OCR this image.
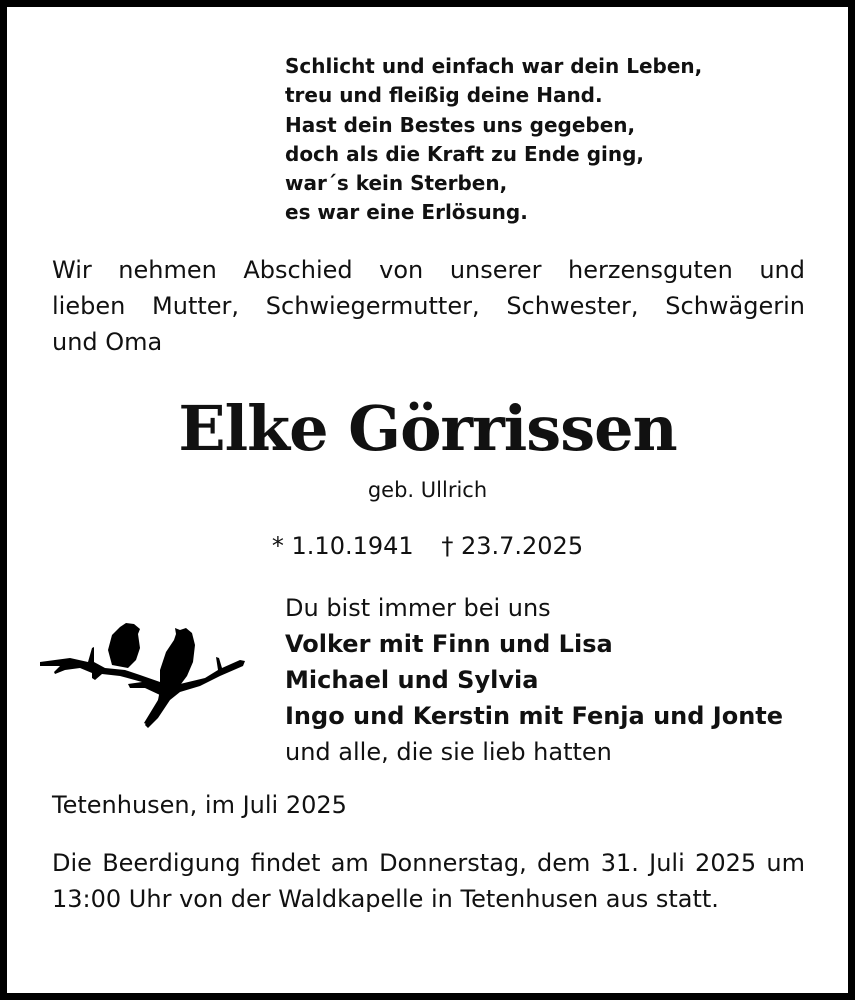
Schlicht und einfach war dein Leben,
treu und fleißig deine Hand.
Hast dein Bestes uns gegeben,
doch als die Kraft zu Ende ging,
war´s kein Sterben,
es war eine Erlösung.
Wir nehmen Abschied von unserer herzensguten und
lieben Mutter, Schwiegermutter, Schwester, Schwägerin
und Oma
Elke Görrissen
geb. Ullrich
* 1.10.1941 † 23.7.2025
Du bist immer bei uns
Volker mit Finn und Lisa
Michael und Sylvia
Ingo und Kerstin mit Fenja und Jonte
und alle, die sie lieb hatten
Tetenhusen, im Juli 2025
Die Beerdigung findet am Donnerstag, dem 31. Juli 2025 um 13:00 Uhr von der Waldkapelle in Tetenhusen aus statt.
